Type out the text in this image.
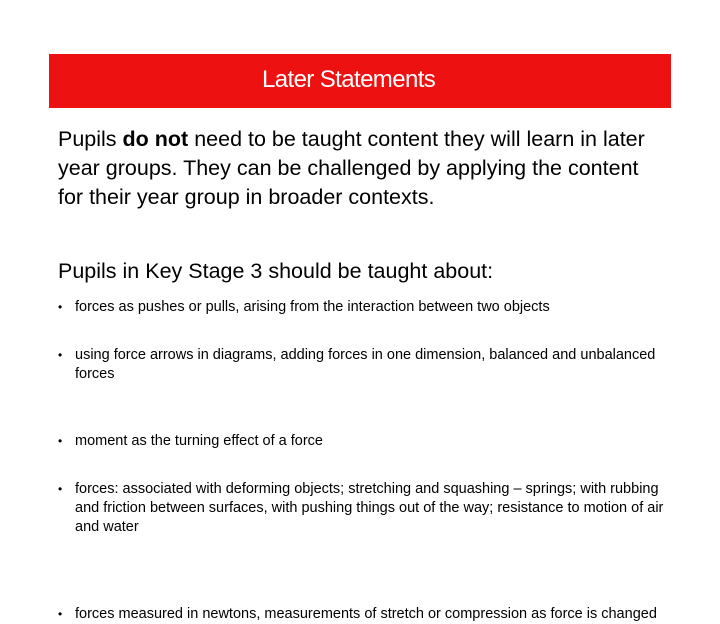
Later Statements

Pupils do not need to be taught content they will learn in later year groups. They can be challenged by applying the content for their year group in broader contexts.

Pupils in Key Stage 3 should be taught about:
• forces as pushes or pulls, arising from the interaction between two objects
• using force arrows in diagrams, adding forces in one dimension, balanced and unbalanced forces
• moment as the turning effect of a force
• forces: associated with deforming objects; stretching and squashing – springs; with rubbing and friction between surfaces, with pushing things out of the way; resistance to motion of air and water
• forces measured in newtons, measurements of stretch or compression as force is changed
